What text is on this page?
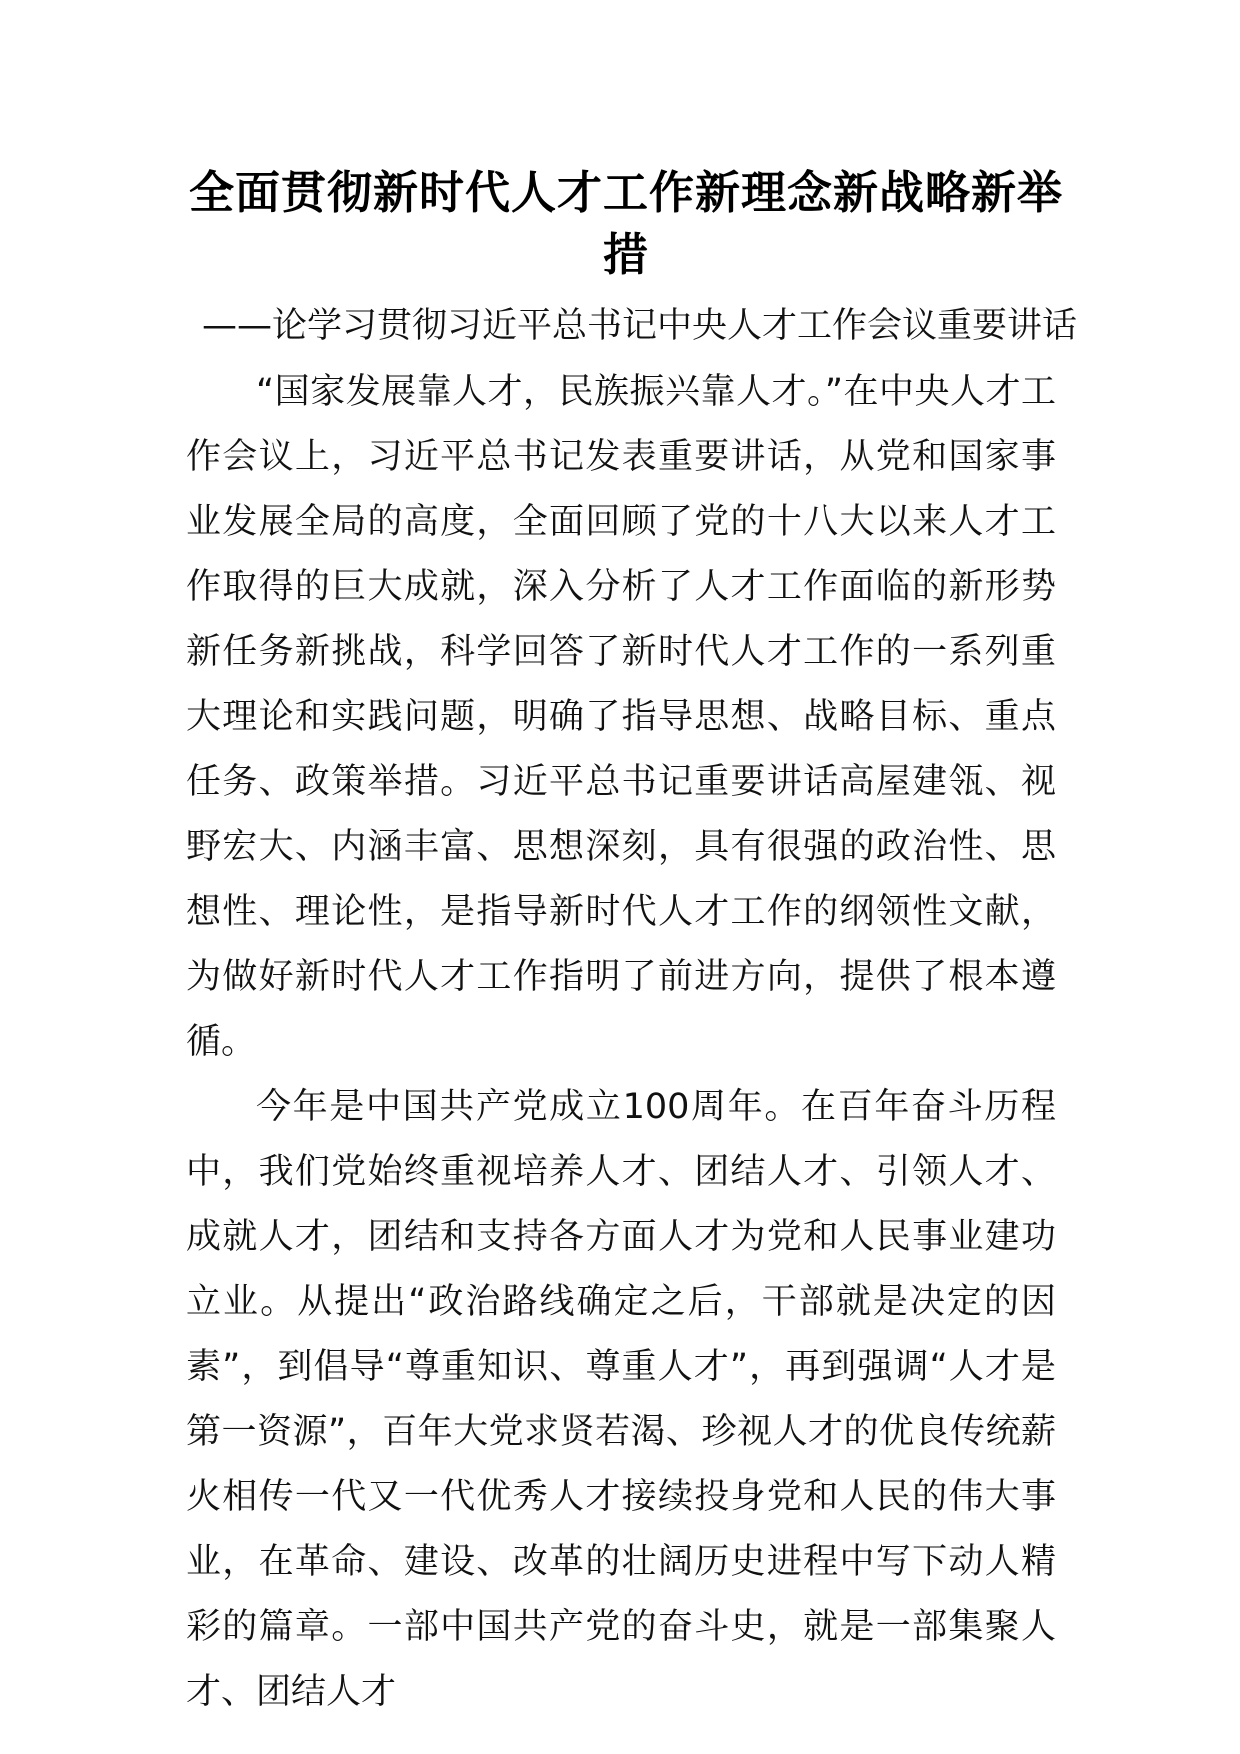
全面贯彻新时代人才工作新理念新战略新举措
——论学习贯彻习近平总书记中央人才工作会议重要讲话

“国家发展靠人才，民族振兴靠人才。”在中央人才工作会议上，习近平总书记发表重要讲话，从党和国家事业发展全局的高度，全面回顾了党的十八大以来人才工作取得的巨大成就，深入分析了人才工作面临的新形势新任务新挑战，科学回答了新时代人才工作的一系列重大理论和实践问题，明确了指导思想、战略目标、重点任务、政策举措。习近平总书记重要讲话高屋建瓴、视野宏大、内涵丰富、思想深刻，具有很强的政治性、思想性、理论性，是指导新时代人才工作的纲领性文献，为做好新时代人才工作指明了前进方向，提供了根本遵循。

今年是中国共产党成立100周年。在百年奋斗历程中，我们党始终重视培养人才、团结人才、引领人才、成就人才，团结和支持各方面人才为党和人民事业建功立业。从提出“政治路线确定之后，干部就是决定的因素”，到倡导“尊重知识、尊重人才”，再到强调“人才是第一资源”，百年大党求贤若渴、珍视人才的优良传统薪火相传一代又一代优秀人才接续投身党和人民的伟大事业，在革命、建设、改革的壮阔历史进程中写下动人精彩的篇章。一部中国共产党的奋斗史，就是一部集聚人才、团结人才
